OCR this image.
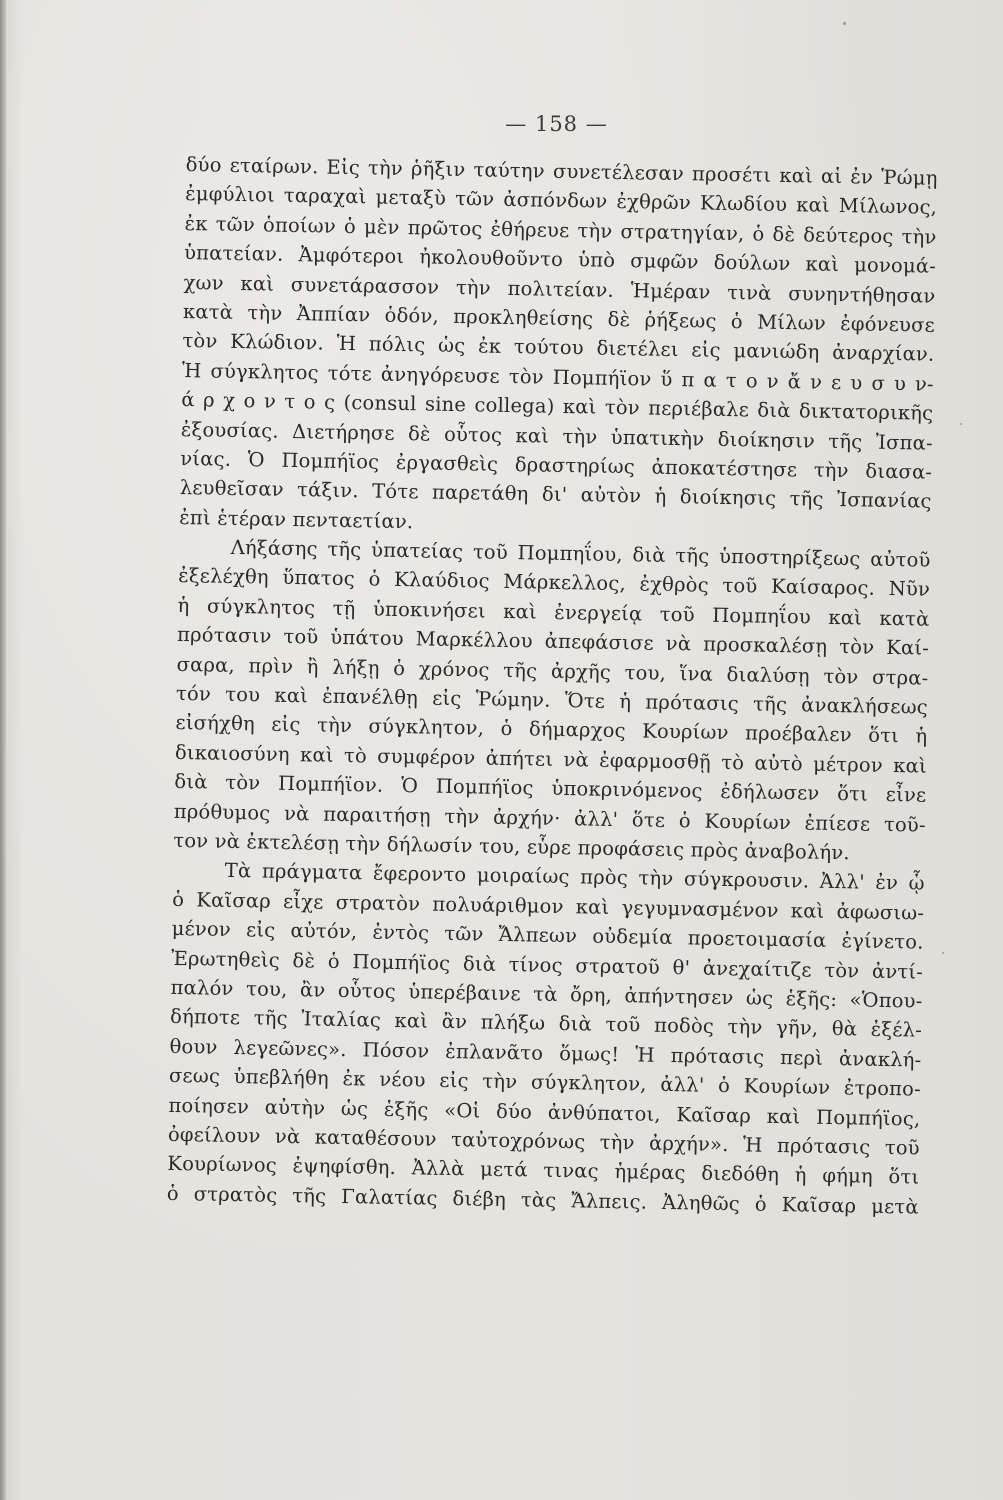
— 158 —
δύο εταίρων. Εἰς τὴν ῥῆξιν ταύτην συνετέλεσαν προσέτι καὶ αἱ ἐν Ῥώμῃ
ἐμφύλιοι ταραχαὶ μεταξὺ τῶν ἀσπόνδων ἐχθρῶν Κλωδίου καὶ Μίλωνος,
ἐκ τῶν ὁποίων ὁ μὲν πρῶτος ἐθήρευε τὴν στρατηγίαν, ὁ δὲ δεύτερος τὴν
ὑπατείαν. Ἀμφότεροι ἠκολουθοῦντο ὑπὸ σμφῶν δούλων καὶ μονομά-
χων καὶ συνετάρασσον τὴν πολιτείαν. Ἡμέραν τινὰ συνηντήθησαν
κατὰ τὴν Ἀππίαν ὁδόν, προκληθείσης δὲ ῥήξεως ὁ Μίλων ἐφόνευσε
τὸν Κλώδιον. Ἡ πόλις ὡς ἐκ τούτου διετέλει εἰς μανιώδη ἀναρχίαν.
Ἡ σύγκλητος τότε ἀνηγόρευσε τὸν Πομπήϊον ὕ π α τ ο ν ἄ ν ε υ σ υ ν-
ά ρ χ ο ν τ ο ς (consul sine collega) καὶ τὸν περιέβαλε διὰ δικτατορικῆς
ἐξουσίας. Διετήρησε δὲ οὗτος καὶ τὴν ὑπατικὴν διοίκησιν τῆς Ἰσπα-
νίας. Ὁ Πομπήϊος ἐργασθεὶς δραστηρίως ἀποκατέστησε τὴν διασα-
λευθεῖσαν τάξιν. Τότε παρετάθη δι' αὐτὸν ἡ διοίκησις τῆς Ἰσπανίας
ἐπὶ ἑτέραν πενταετίαν.
Λήξάσης τῆς ὑπατείας τοῦ Πομπηΐου, διὰ τῆς ὑποστηρίξεως αὐτοῦ
ἐξελέχθη ὕπατος ὁ Κλαύδιος Μάρκελλος, ἐχθρὸς τοῦ Καίσαρος. Νῦν
ἡ σύγκλητος τῇ ὑποκινήσει καὶ ἐνεργείᾳ τοῦ Πομπηΐου καὶ κατὰ
πρότασιν τοῦ ὑπάτου Μαρκέλλου ἀπεφάσισε νὰ προσκαλέσῃ τὸν Καί-
σαρα, πρὶν ἢ λήξῃ ὁ χρόνος τῆς ἀρχῆς του, ἵνα διαλύσῃ τὸν στρα-
τόν του καὶ ἐπανέλθῃ εἰς Ῥώμην. Ὅτε ἡ πρότασις τῆς ἀνακλήσεως
εἰσήχθη εἰς τὴν σύγκλητον, ὁ δήμαρχος Κουρίων προέβαλεν ὅτι ἡ
δικαιοσύνη καὶ τὸ συμφέρον ἀπήτει νὰ ἐφαρμοσθῇ τὸ αὐτὸ μέτρον καὶ
διὰ τὸν Πομπήϊον. Ὁ Πομπήϊος ὑποκρινόμενος ἐδήλωσεν ὅτι εἶνε
πρόθυμος νὰ παραιτήσῃ τὴν ἀρχήν· ἀλλ' ὅτε ὁ Κουρίων ἐπίεσε τοῦ-
τον νὰ ἐκτελέσῃ τὴν δήλωσίν του, εὗρε προφάσεις πρὸς ἀναβολήν.
Τὰ πράγματα ἔφεροντο μοιραίως πρὸς τὴν σύγκρουσιν. Ἀλλ' ἐν ᾧ
ὁ Καῖσαρ εἶχε στρατὸν πολυάριθμον καὶ γεγυμνασμένον καὶ ἀφωσιω-
μένον εἰς αὐτόν, ἐντὸς τῶν Ἄλπεων οὐδεμία προετοιμασία ἐγίνετο.
Ἐρωτηθεὶς δὲ ὁ Πομπήϊος διὰ τίνος στρατοῦ θ' ἀνεχαίτιζε τὸν ἀντί-
παλόν του, ἂν οὗτος ὑπερέβαινε τὰ ὄρη, ἀπήντησεν ὡς ἑξῆς: «Ὁπου-
δήποτε τῆς Ἰταλίας καὶ ἂν πλήξω διὰ τοῦ ποδὸς τὴν γῆν, θὰ ἐξέλ-
θουν λεγεῶνες». Πόσον ἐπλανᾶτο ὅμως! Ἡ πρότασις περὶ ἀνακλή-
σεως ὑπεβλήθη ἐκ νέου εἰς τὴν σύγκλητον, ἀλλ' ὁ Κουρίων ἐτροπο-
ποίησεν αὐτὴν ὡς ἑξῆς «Οἱ δύο ἀνθύπατοι, Καῖσαρ καὶ Πομπήϊος,
ὀφείλουν νὰ καταθέσουν ταὐτοχρόνως τὴν ἀρχήν». Ἡ πρότασις τοῦ
Κουρίωνος ἐψηφίσθη. Ἀλλὰ μετά τινας ἡμέρας διεδόθη ἡ φήμη ὅτι
ὁ στρατὸς τῆς Γαλατίας διέβη τὰς Ἄλπεις. Ἀληθῶς ὁ Καῖσαρ μετὰ
